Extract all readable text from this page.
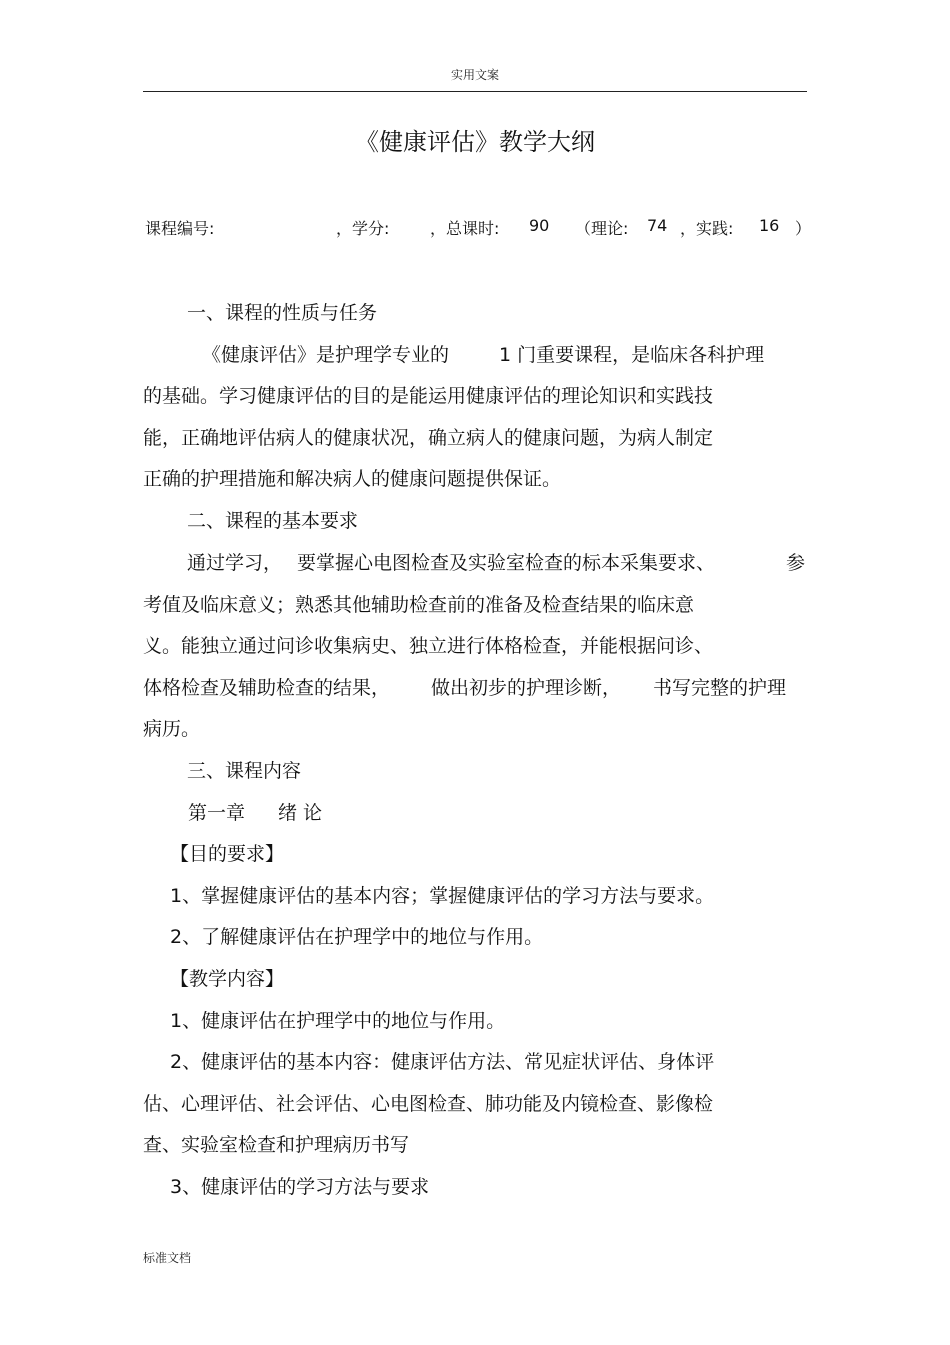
实用文案
《健康评估》教学大纲
课程编号:	，学分:	，总课时: 90 （理论: 74 ，实践: 16 ）
一、课程的性质与任务
《健康评估》是护理学专业的	1 门重要课程，是临床各科护理
的基础。学习健康评估的目的是能运用健康评估的理论知识和实践技
能，正确地评估病人的健康状况，确立病人的健康问题，为病人制定
正确的护理措施和解决病人的健康问题提供保证。
二、课程的基本要求
通过学习， 要掌握心电图检查及实验室检查的标本采集要求、	参
考值及临床意义；熟悉其他辅助检查前的准备及检查结果的临床意
义。能独立通过问诊收集病史、独立进行体格检查，并能根据问诊、
体格检查及辅助检查的结果， 做出初步的护理诊断， 书写完整的护理
病历。
三、课程内容
第一章 绪 论
【目的要求】
1、掌握健康评估的基本内容；掌握健康评估的学习方法与要求。
2、了解健康评估在护理学中的地位与作用。
【教学内容】
1、健康评估在护理学中的地位与作用。
2、健康评估的基本内容：健康评估方法、常见症状评估、身体评
估、心理评估、社会评估、心电图检查、肺功能及内镜检查、影像检
查、实验室检查和护理病历书写
3、健康评估的学习方法与要求
标准文档
